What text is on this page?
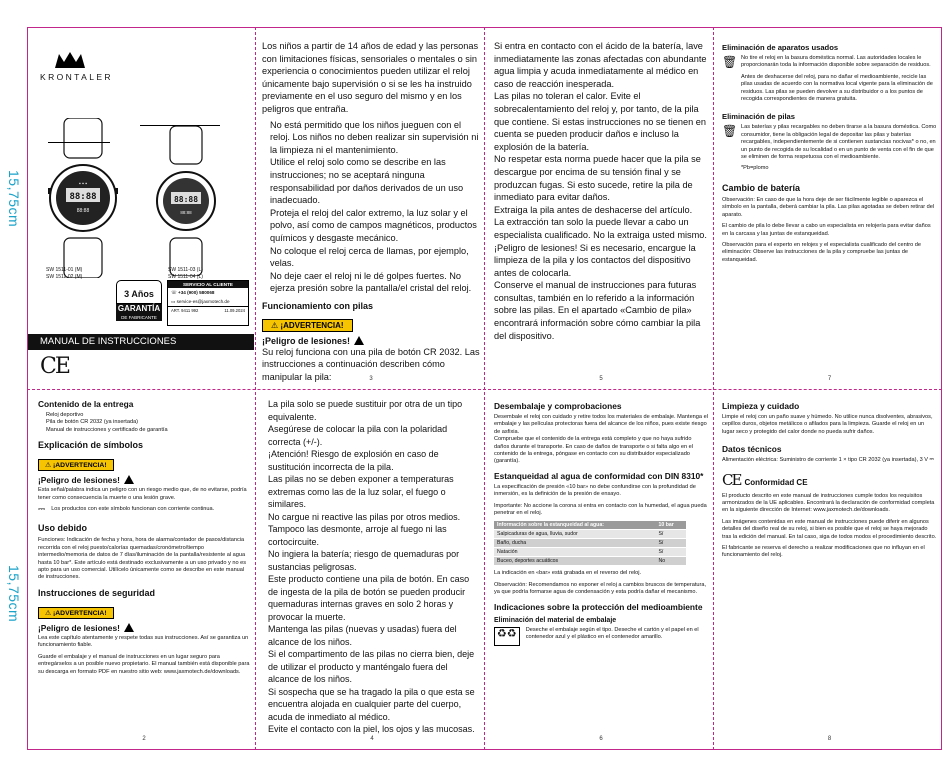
15,75cm
15,75cm
KRONTALER
88:88
▪ ▪ ▪
88:88
88:88
88:88
SW 1511-01 (M)
SW 1511-02 (M)
SW 1511-03 (L)
SW 1511-04 (L)
3 Años
GARANTÍA
DE FABRICANTE
SERVICIO AL CLIENTE
☏ +34 (900) 580068
▭ service-es@jaxmotech.de
ART. 9411 992	11.09.2024
MANUAL DE INSTRUCCIONES
CE

Los niños a partir de 14 años de edad y las personas con limitaciones físicas, sensoriales o mentales o sin experiencia o conocimientos pueden utilizar el reloj únicamente bajo supervisión o si se les ha instruido previamente en el uso seguro del mismo y en los peligros que entraña.

No está permitido que los niños jueguen con el reloj. Los niños no deben realizar sin supervisión ni la limpieza ni el mantenimiento.
Utilice el reloj solo como se describe en las instrucciones; no se aceptará ninguna responsabilidad por daños derivados de un uso inadecuado.
Proteja el reloj del calor extremo, la luz solar y el polvo, así como de campos magnéticos, productos químicos y desgaste mecánico.
No coloque el reloj cerca de llamas, por ejemplo, velas.
No deje caer el reloj ni le dé golpes fuertes. No ejerza presión sobre la pantalla/el cristal del reloj.

Funcionamiento con pilas
⚠ ¡ADVERTENCIA!
¡Peligro de lesiones!

Su reloj funciona con una pila de botón CR 2032. Las instrucciones a continuación describen cómo manipular la pila:	3

Si entra en contacto con el ácido de la batería, lave inmediatamente las zonas afectadas con abundante agua limpia y acuda inmediatamente al médico en caso de reacción inesperada.
Las pilas no toleran el calor. Evite el sobrecalentamiento del reloj y, por tanto, de la pila que contiene. Si estas instrucciones no se tienen en cuenta se pueden producir daños e incluso la explosión de la batería.
No respetar esta norma puede hacer que la pila se descargue por encima de su tensión final y se produzcan fugas. Si esto sucede, retire la pila de inmediato para evitar daños.
Extraiga la pila antes de deshacerse del artículo.
La extracción tan solo la puede llevar a cabo un especialista cualificado. No la extraiga usted mismo. ¡Peligro de lesiones! Si es necesario, encargue la limpieza de la pila y los contactos del dispositivo antes de colocarla.
Conserve el manual de instrucciones para futuras consultas, también en lo referido a la información sobre las pilas. En el apartado «Cambio de pila» encontrará información sobre cómo cambiar la pila del dispositivo.

5
Eliminación de aparatos usados
🗑 No tire el reloj en la basura doméstica normal. Las autoridades locales le proporcionarán toda la información disponible sobre separación de residuos.

Antes de deshacerse del reloj, para no dañar el medioambiente, recicle las pilas usadas de acuerdo con la normativa local vigente para la eliminación de residuos. Las pilas se pueden devolver a su distribuidor o a los puntos de recogida correspondientes de manera gratuita.

Eliminación de pilas
🗑 Las baterías y pilas recargables no deben tirarse a la basura doméstica. Como consumidor, tiene la obligación legal de depositar las pilas y baterías recargables, independientemente de si contienen sustancias nocivas* o no, en un punto de recogida de su localidad o en un punto de venta con el fin de que se eliminen de forma respetuosa con el medioambiente.

*Pb=plomo

Cambio de batería

Observación: En caso de que la hora deje de ser fácilmente legible o aparezca el símbolo en la pantalla, deberá cambiar la pila. Las pilas agotadas se deben retirar del aparato.

El cambio de pila lo debe llevar a cabo un especialista en relojería para evitar daños en la carcasa y las juntas de estanqueidad.

Observación para el experto en relojes y el especialista cualificado del centro de eliminación: Observe las instrucciones de la pila y compruebe las juntas de estanqueidad.

7
Contenido de la entrega

Reloj deportivo
Pila de botón CR 2032 (ya insertada)
Manual de instrucciones y certificado de garantía

Explicación de símbolos
⚠ ¡ADVERTENCIA!
¡Peligro de lesiones!

Esta señal/palabra indica un peligro con un riesgo medio que, de no evitarse, podría tener como consecuencia la muerte o una lesión grave.

⎓ Los productos con este símbolo funcionan con corriente continua.

Uso debido

Funciones: Indicación de fecha y hora, hora de alarma/contador de pasos/distancia recorrida con el reloj puesto/calorías quemadas/cronómetro/tiempo intermedio/memoria de datos de 7 días/iluminación de la pantalla/resistente al agua hasta 10 bar*. Este artículo está destinado exclusivamente a un uso privado y no es apto para un uso comercial. Utilícelo únicamente como se describe en este manual de instrucciones.

Instrucciones de seguridad
⚠ ¡ADVERTENCIA!
¡Peligro de lesiones!

Lea este capítulo atentamente y respete todas sus instrucciones. Así se garantiza un funcionamiento fiable.

Guarde el embalaje y el manual de instrucciones en un lugar seguro para entregárselos a un posible nuevo propietario. El manual también está disponible para su descarga en formato PDF en nuestro sitio web: www.jaxmotech.de/downloads.

2

La pila solo se puede sustituir por otra de un tipo equivalente.
Asegúrese de colocar la pila con la polaridad correcta (+/-).
¡Atención! Riesgo de explosión en caso de sustitución incorrecta de la pila.
Las pilas no se deben exponer a temperaturas extremas como las de la luz solar, el fuego o similares.
No cargue ni reactive las pilas por otros medios. Tampoco las desmonte, arroje al fuego ni las cortocircuite.
No ingiera la batería; riesgo de quemaduras por sustancias peligrosas.
Este producto contiene una pila de botón. En caso de ingesta de la pila de botón se pueden producir quemaduras internas graves en solo 2 horas y provocar la muerte.
Mantenga las pilas (nuevas y usadas) fuera del alcance de los niños.
Si el compartimento de las pilas no cierra bien, deje de utilizar el producto y manténgalo fuera del alcance de los niños.
Si sospecha que se ha tragado la pila o que esta se encuentra alojada en cualquier parte del cuerpo, acuda de inmediato al médico.
Evite el contacto con la piel, los ojos y las mucosas.

4
Desembalaje y comprobaciones

Desembale el reloj con cuidado y retire todos los materiales de embalaje. Mantenga el embalaje y las películas protectoras fuera del alcance de los niños, pues existe riesgo de asfixia.
Compruebe que el contenido de la entrega está completo y que no haya sufrido daños durante el transporte. En caso de daños de transporte o si falta algo en el contenido de la entrega, póngase en contacto con su distribuidor especializado (garantía).

Estanqueidad al agua de conformidad con DIN 8310*

La especificación de presión «10 bar» no debe confundirse con la profundidad de inmersión, es la definición de la presión de ensayo.

Importante: No accione la corona si entra en contacto con la humedad, el agua pueda penetrar en el reloj.

Información sobre la estanqueidad al agua:	10 bar
Salpicaduras de agua, lluvia, sudor	Sí
Baño, ducha	Sí
Natación	Sí
Buceo, deportes acuáticos	No

La indicación en «bar» está grabada en el reverso del reloj.

Observación: Recomendamos no exponer el reloj a cambios bruscos de temperatura, ya que podría formarse agua de condensación y esta podría dañar el mecanismo.

Indicaciones sobre la protección del medioambiente
Eliminación del material de embalaje
♻♻	Deseche el embalaje según el tipo. Deseche el cartón y el papel en el contenedor azul y el plástico en el contenedor amarillo.

6
Limpieza y cuidado

Limpie el reloj con un paño suave y húmedo. No utilice nunca disolventes, abrasivos, cepillos duros, objetos metálicos o afilados para la limpieza. Guarde el reloj en un lugar seco y protegido del calor donde no pueda sufrir daños.

Datos técnicos

Alimentación eléctrica: Suministro de corriente 1 × tipo CR 2032 (ya insertada), 3 V ⎓

CE Conformidad CE

El producto descrito en este manual de instrucciones cumple todos los requisitos armonizados de la UE aplicables. Encontrará la declaración de conformidad completa en la siguiente dirección de Internet: www.jaxmotech.de/downloads.

Las imágenes contenidas en este manual de instrucciones puede diferir en algunos detalles del diseño real de su reloj, si bien es posible que el reloj se haya mejorado tras la edición del manual. En tal caso, siga de todos modos el procedimiento descrito.

El fabricante se reserva el derecho a realizar modificaciones que no influyan en el funcionamiento del reloj.

8
